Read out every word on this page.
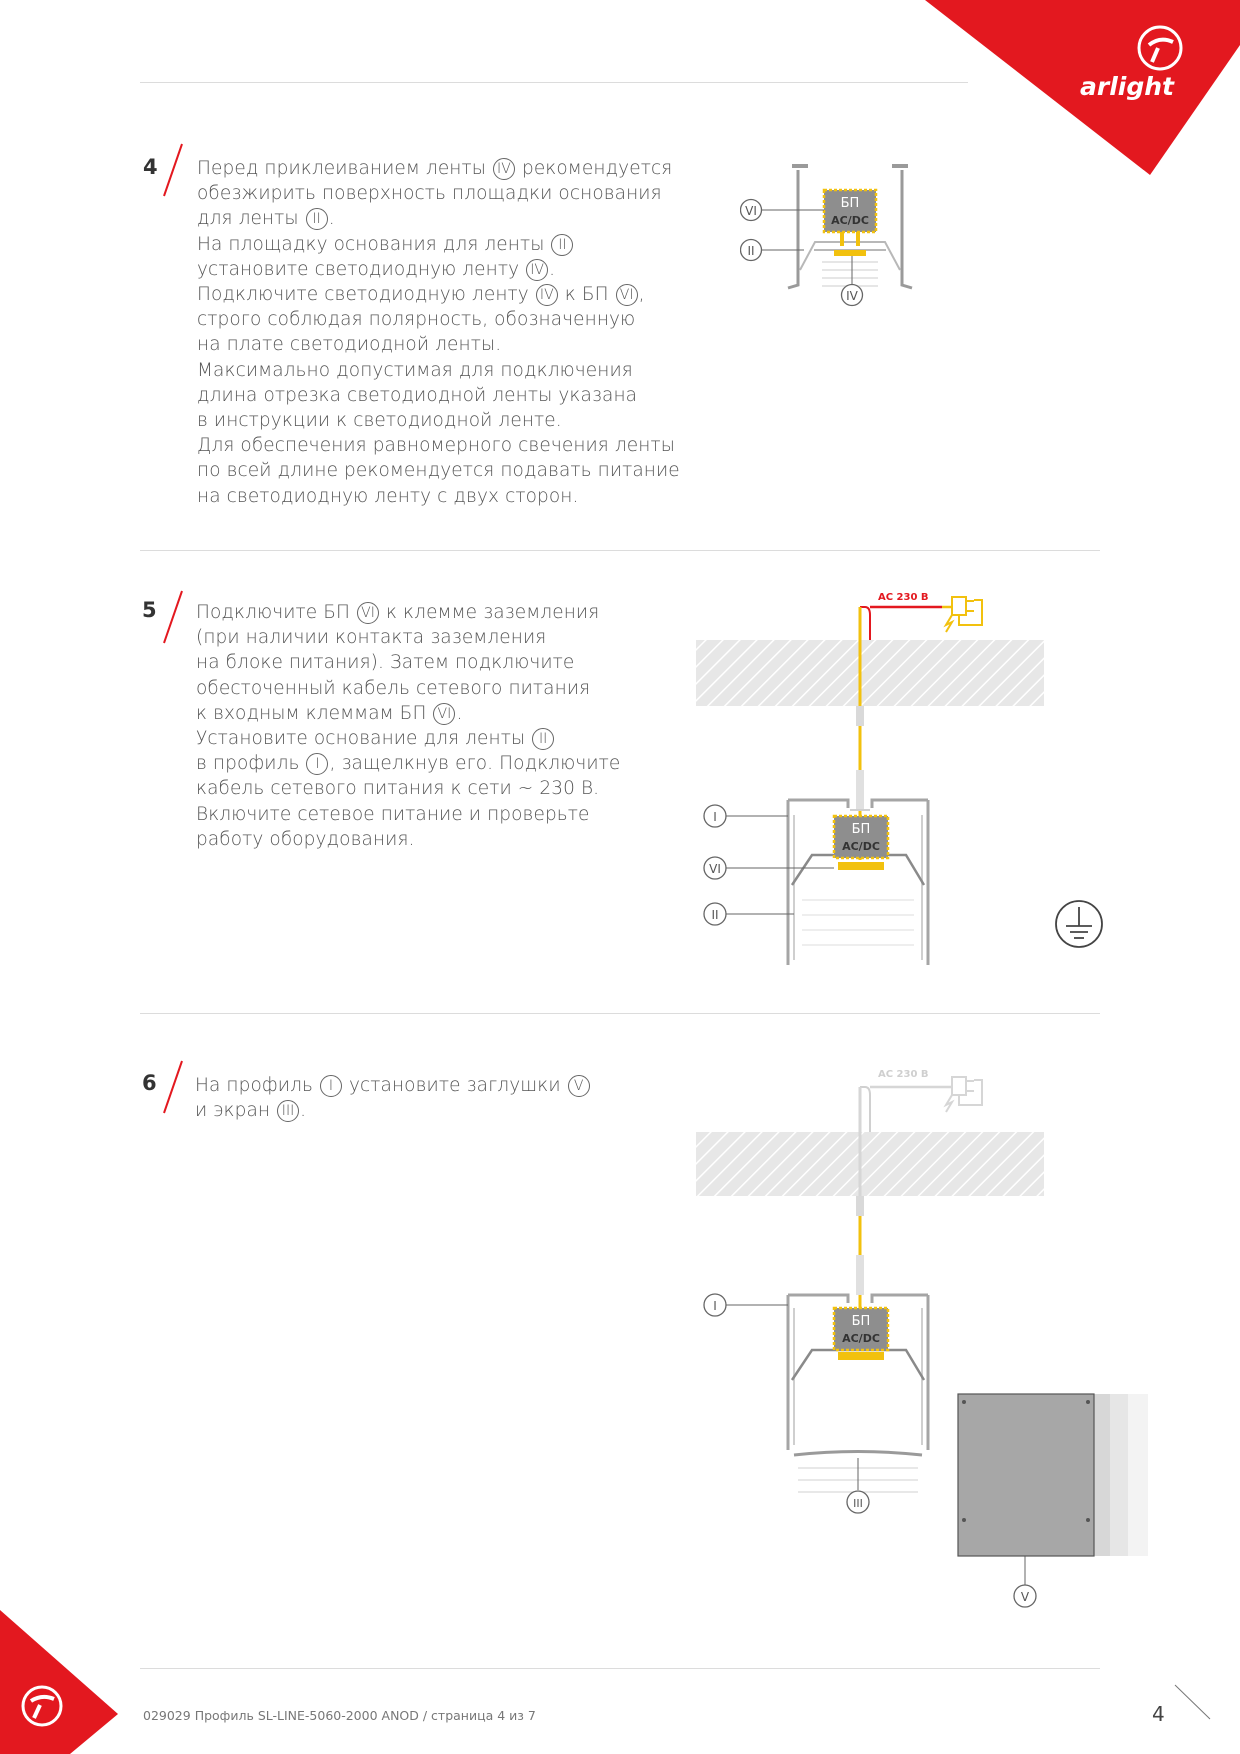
arlight
4
5
6
Перед приклеиванием ленты IV рекомендуется
обезжирить поверхность площадки основания
для ленты II .
На площадку основания для ленты II
установите светодиодную ленту IV .
Подключите светодиодную ленту IV к БП VI ,
строго соблюдая полярность, обозначенную
на плате светодиодной ленты.
Максимально допустимая для подключения
длина отрезка светодиодной ленты указана
в инструкции к светодиодной ленте.
Для обеспечения равномерного свечения ленты
по всей длине рекомендуется подавать питание
на светодиодную ленту с двух сторон.
Подключите БП VI к клемме заземления
(при наличии контакта заземления
на блоке питания). Затем подключите
обесточенный кабель сетевого питания
к входным клеммам БП VI .
Установите основание для ленты II
в профиль I , защелкнув его. Подключите
кабель сетевого питания к сети ~ 230 В.
Включите сетевое питание и проверьте
работу оборудования.
На профиль I установите заглушки V
и экран III .
БП
AC/DC
VI
II
IV
AC 230 В
БП
AC/DC
I
VI
II
AC 230 В
БП
AC/DC
I
III
V
029029 Профиль SL-LINE-5060-2000 ANOD / страница 4 из 7	4
